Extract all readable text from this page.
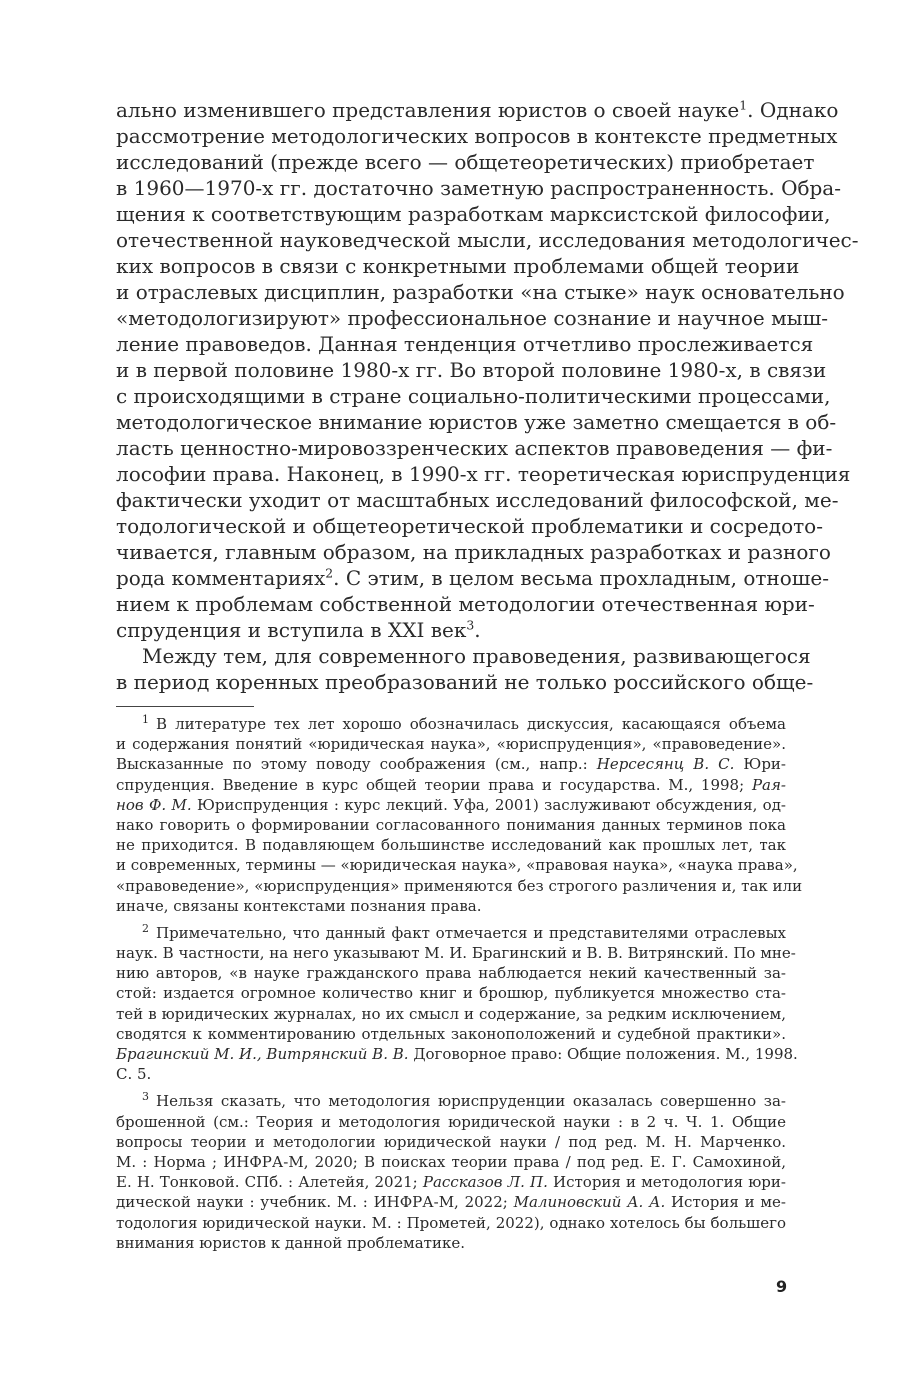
ально изменившего представления юристов о своей науке$^1$. Однако
рассмотрение методологических вопросов в контексте предметных
исследований (прежде всего — общетеоретических) приобретает
в 1960—1970-х гг. достаточно заметную распространенность. Обра-
щения к соответствующим разработкам марксистской философии,
отечественной науковедческой мысли, исследования методологичес-
ких вопросов в связи с конкретными проблемами общей теории
и отраслевых дисциплин, разработки «на стыке» наук основательно
«методологизируют» профессиональное сознание и научное мыш-
ление правоведов. Данная тенденция отчетливо прослеживается
и в первой половине 1980-х гг. Во второй половине 1980-х, в связи
с происходящими в стране социально-политическими процессами,
методологическое внимание юристов уже заметно смещается в об-
ласть ценностно-мировоззренческих аспектов правоведения — фи-
лософии права. Наконец, в 1990-х гг. теоретическая юриспруденция
фактически уходит от масштабных исследований философской, ме-
тодологической и общетеоретической проблематики и сосредото-
чивается, главным образом, на прикладных разработках и разного
рода комментариях$^2$. С этим, в целом весьма прохладным, отноше-
нием к проблемам собственной методологии отечественная юри-
спруденция и вступила в XXI век$^3$.
Между тем, для современного правоведения, развивающегося
в период коренных преобразований не только российского обще-
$^1$ В литературе тех лет хорошо обозначилась дискуссия, касающаяся объема
и содержания понятий «юридическая наука», «юриспруденция», «правоведение».
Высказанные по этому поводу соображения (см., напр.: Нерсесянц В. С. Юри-
спруденция. Введение в курс общей теории права и государства. М., 1998; Рая-
нов Ф. М. Юриспруденция : курс лекций. Уфа, 2001) заслуживают обсуждения, од-
нако говорить о формировании согласованного понимания данных терминов пока
не приходится. В подавляющем большинстве исследований как прошлых лет, так
и современных, термины — «юридическая наука», «правовая наука», «наука права»,
«правоведение», «юриспруденция» применяются без строгого различения и, так или
иначе, связаны контекстами познания права.
$^2$ Примечательно, что данный факт отмечается и представителями отраслевых
наук. В частности, на него указывают М. И. Брагинский и В. В. Витрянский. По мне-
нию авторов, «в науке гражданского права наблюдается некий качественный за-
стой: издается огромное количество книг и брошюр, публикуется множество ста-
тей в юридических журналах, но их смысл и содержание, за редким исключением,
сводятся к комментированию отдельных законоположений и судебной практики».
Брагинский М. И., Витрянский В. В. Договорное право: Общие положения. М., 1998.
С. 5.
$^3$ Нельзя сказать, что методология юриспруденции оказалась совершенно за-
брошенной (см.: Теория и методология юридической науки : в 2 ч. Ч. 1. Общие
вопросы теории и методологии юридической науки / под ред. М. Н. Марченко.
М. : Норма ; ИНФРА-М, 2020; В поисках теории права / под ред. Е. Г. Самохиной,
Е. Н. Тонковой. СПб. : Алетейя, 2021; Рассказов Л. П. История и методология юри-
дической науки : учебник. М. : ИНФРА-М, 2022; Малиновский А. А. История и ме-
тодология юридической науки. М. : Прометей, 2022), однако хотелось бы большего
внимания юристов к данной проблематике.
9
